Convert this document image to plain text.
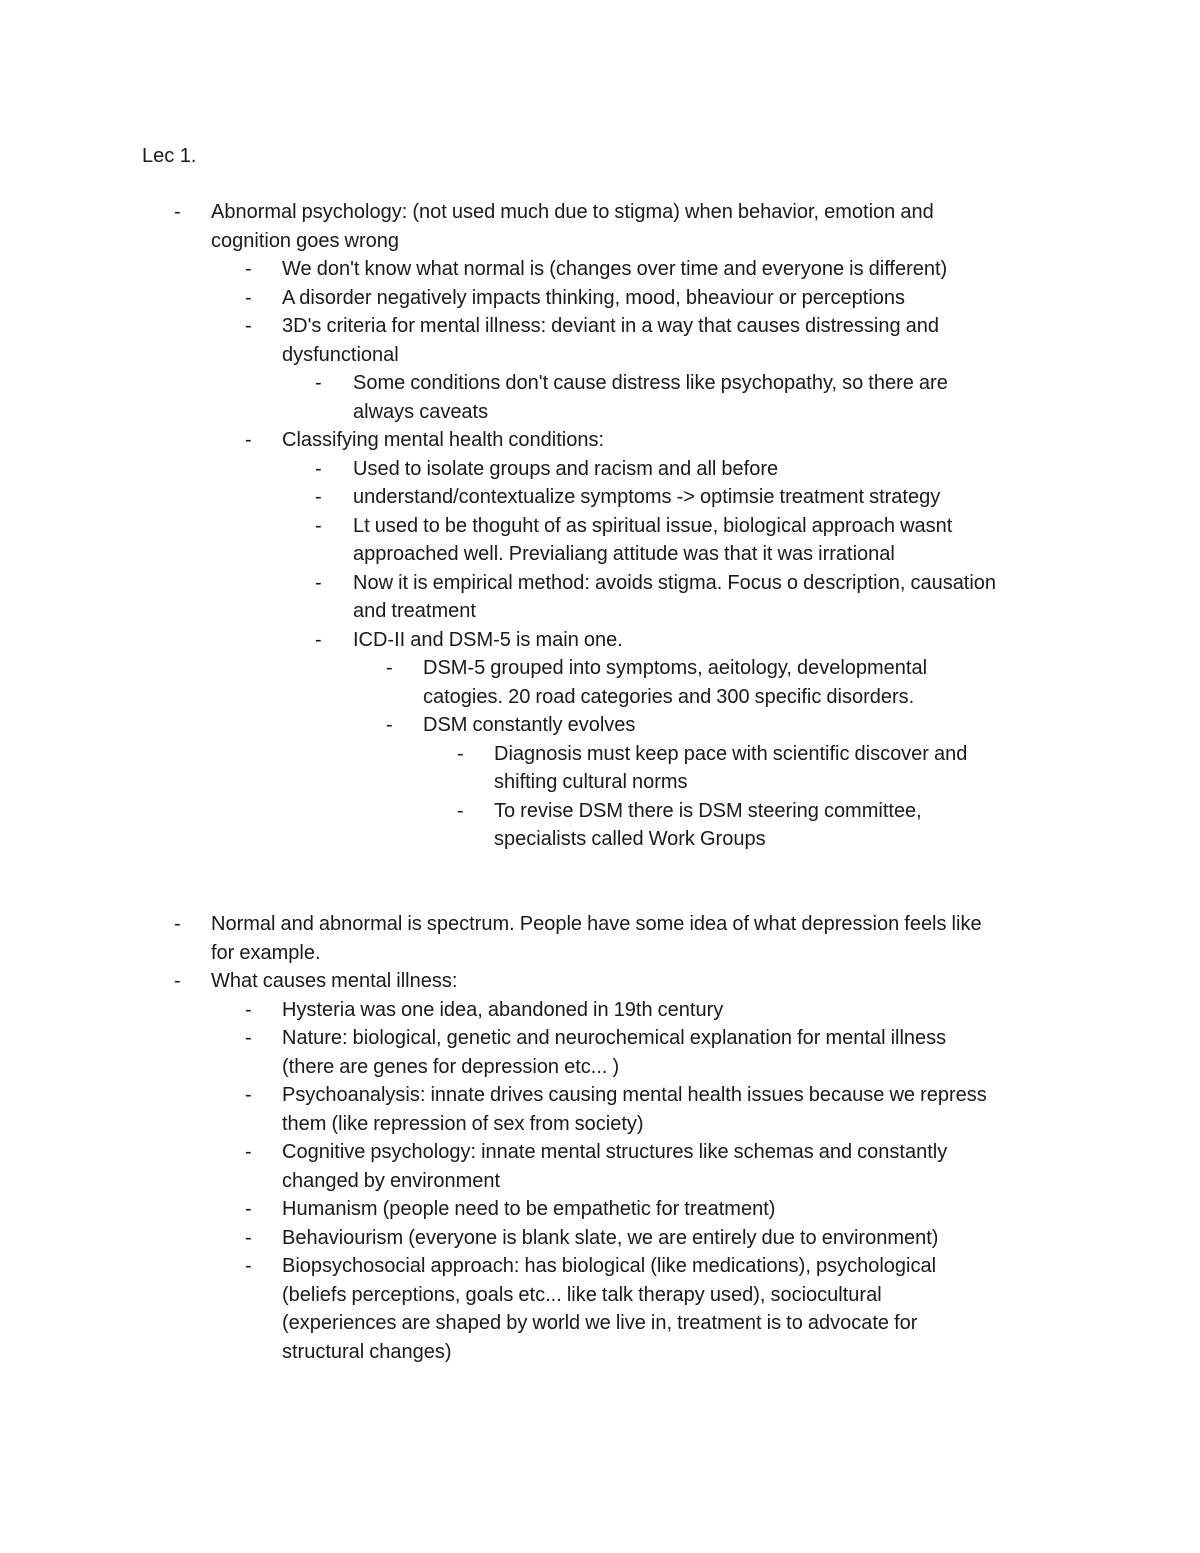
Lec 1.
- Abnormal psychology: (not used much due to stigma) when behavior, emotion and
cognition goes wrong
- We don't know what normal is (changes over time and everyone is different)
- A disorder negatively impacts thinking, mood, bheaviour or perceptions
- 3D's criteria for mental illness: deviant in a way that causes distressing and
dysfunctional
- Some conditions don't cause distress like psychopathy, so there are
always caveats
- Classifying mental health conditions:
- Used to isolate groups and racism and all before
- understand/contextualize symptoms -> optimsie treatment strategy
- Lt used to be thoguht of as spiritual issue, biological approach wasnt
approached well. Previaliang attitude was that it was irrational
- Now it is empirical method: avoids stigma. Focus o description, causation
and treatment
- ICD-II and DSM-5 is main one.
- DSM-5 grouped into symptoms, aeitology, developmental
catogies. 20 road categories and 300 specific disorders.
- DSM constantly evolves
- Diagnosis must keep pace with scientific discover and
shifting cultural norms
- To revise DSM there is DSM steering committee,
specialists called Work Groups
- Normal and abnormal is spectrum. People have some idea of what depression feels like
for example.
- What causes mental illness:
- Hysteria was one idea, abandoned in 19th century
- Nature: biological, genetic and neurochemical explanation for mental illness
(there are genes for depression etc... )
- Psychoanalysis: innate drives causing mental health issues because we repress
them (like repression of sex from society)
- Cognitive psychology: innate mental structures like schemas and constantly
changed by environment
- Humanism (people need to be empathetic for treatment)
- Behaviourism (everyone is blank slate, we are entirely due to environment)
- Biopsychosocial approach: has biological (like medications), psychological
(beliefs perceptions, goals etc... like talk therapy used), sociocultural
(experiences are shaped by world we live in, treatment is to advocate for
structural changes)
